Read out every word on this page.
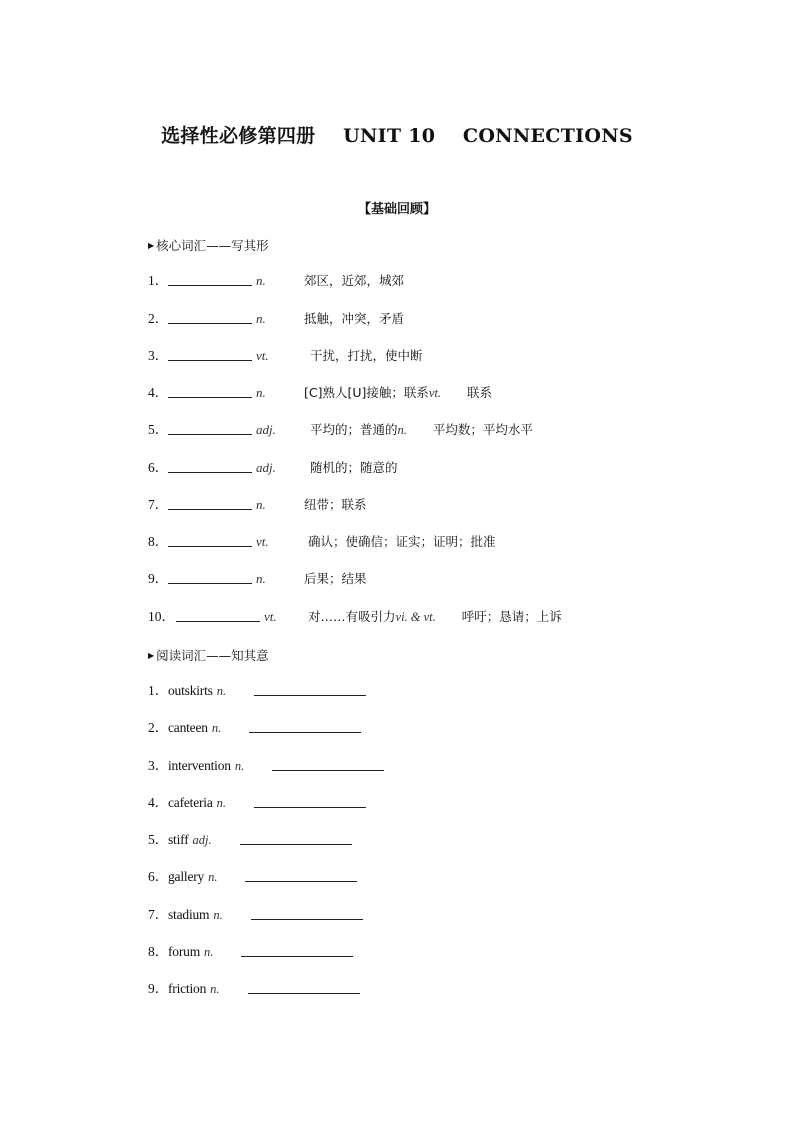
选择性必修第四册    UNIT 10    CONNECTIONS
【基础回顾】
▶ 核心词汇——写其形
1．	n.	郊区，近郊，城郊
2．	n.	抵触，冲突，矛盾
3．	vt.	干扰，打扰，使中断
4．	n.	[C]熟人[U]接触；联系vt. 联系
5．	adj.	平均的；普通的n. 平均数；平均水平
6．	adj.	随机的；随意的
7．	n.	纽带；联系
8．	vt.	确认；使确信；证实；证明；批准
9．	n.	后果；结果
10．	vt.	对……有吸引力vi. & vt. 呼吁；恳请；上诉
▶ 阅读词汇——知其意
1．outskirts n.
2．canteen n.
3．intervention n.
4．cafeteria n.
5．stiff adj.
6．gallery n.
7．stadium n.
8．forum n.
9．friction n.
